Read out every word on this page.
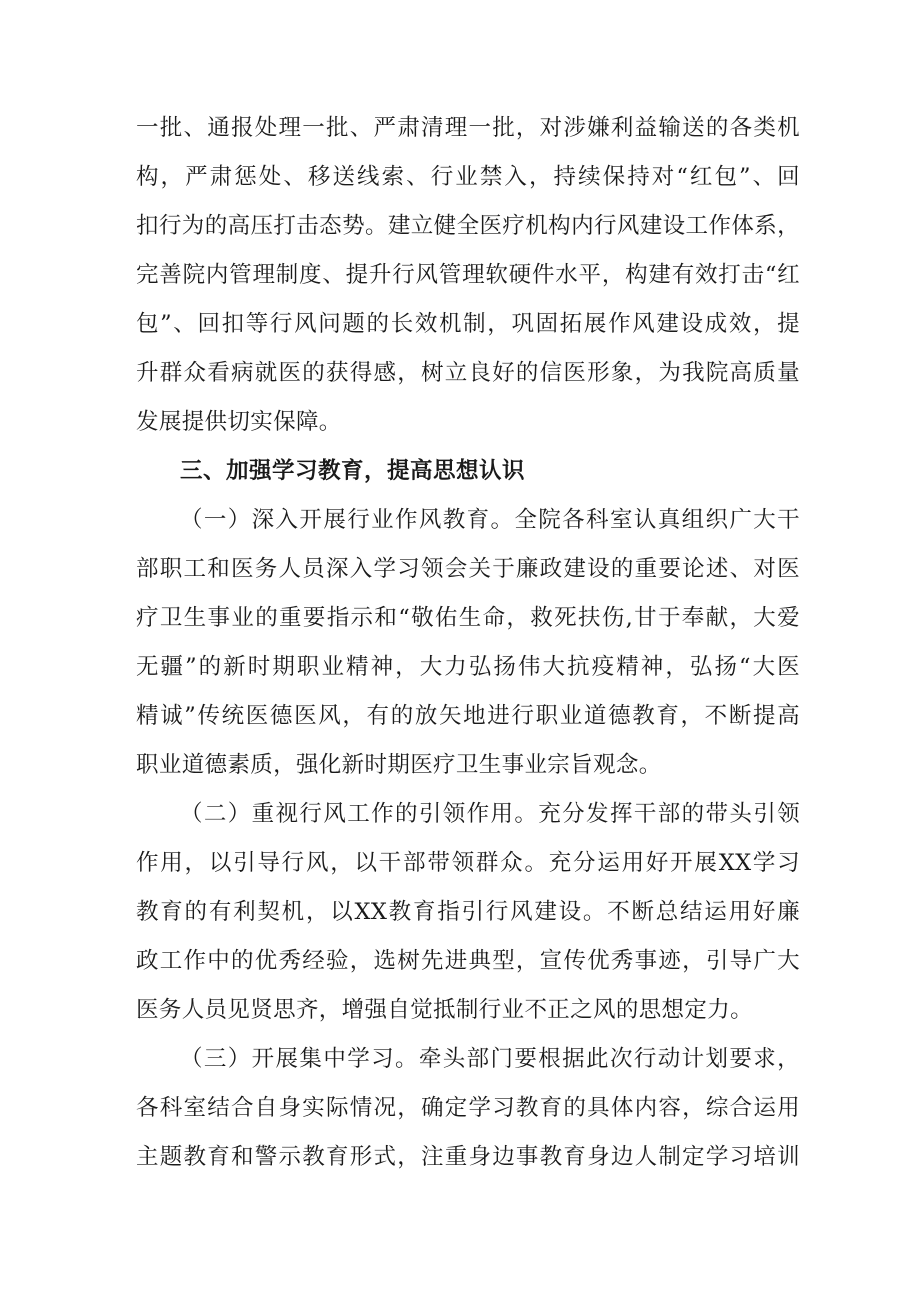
一批、通报处理一批、严肃清理一批，对涉嫌利益输送的各类机
构，严肃惩处、移送线索、行业禁入，持续保持对“红包”、回
扣行为的高压打击态势。建立健全医疗机构内行风建设工作体系，
完善院内管理制度、提升行风管理软硬件水平，构建有效打击“红
包”、回扣等行风问题的长效机制，巩固拓展作风建设成效，提
升群众看病就医的获得感，树立良好的信医形象，为我院高质量
发展提供切实保障。
三、加强学习教育，提高思想认识
（一）深入开展行业作风教育。全院各科室认真组织广大干
部职工和医务人员深入学习领会关于廉政建设的重要论述、对医
疗卫生事业的重要指示和“敬佑生命，救死扶伤,甘于奉献，大爱
无疆”的新时期职业精神，大力弘扬伟大抗疫精神，弘扬“大医
精诚”传统医德医风，有的放矢地进行职业道德教育，不断提高
职业道德素质，强化新时期医疗卫生事业宗旨观念。
（二）重视行风工作的引领作用。充分发挥干部的带头引领
作用，以引导行风，以干部带领群众。充分运用好开展XX学习
教育的有利契机，以XX教育指引行风建设。不断总结运用好廉
政工作中的优秀经验，选树先进典型，宣传优秀事迹，引导广大
医务人员见贤思齐，增强自觉抵制行业不正之风的思想定力。
（三）开展集中学习。牵头部门要根据此次行动计划要求，
各科室结合自身实际情况，确定学习教育的具体内容，综合运用
主题教育和警示教育形式，注重身边事教育身边人制定学习培训
